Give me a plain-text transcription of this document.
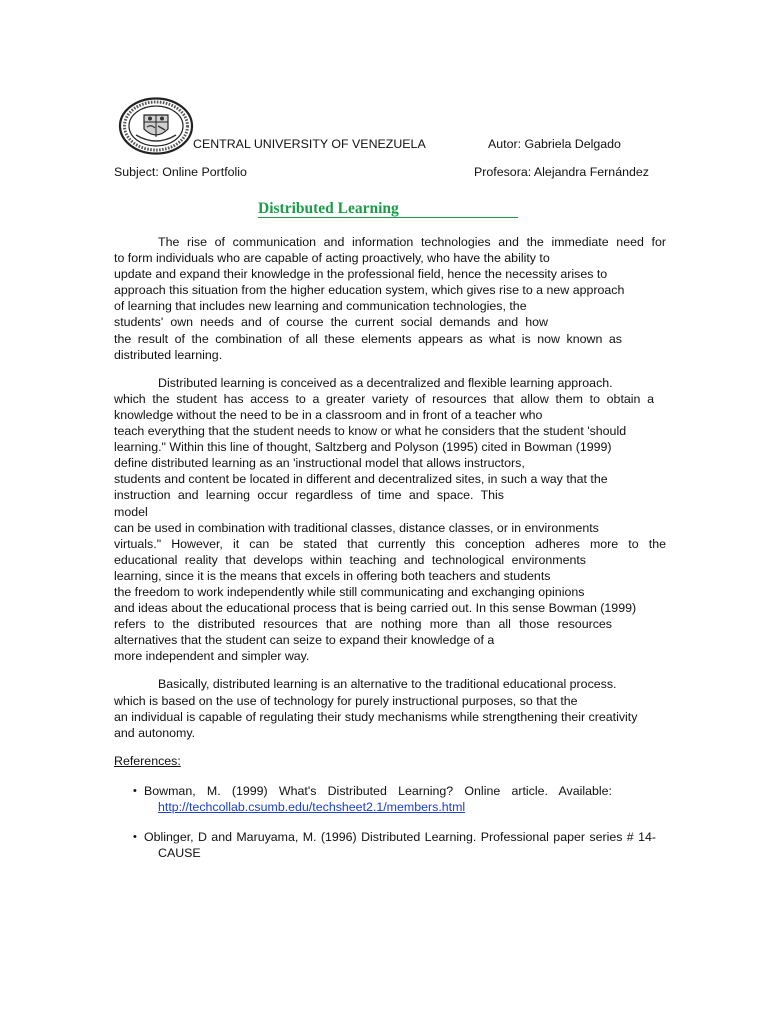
CENTRAL UNIVERSITY OF VENEZUELA	Autor: Gabriela Delgado
Subject: Online Portfolio	Profesora: Alejandra Fernández
Distributed Learning
The rise of communication and information technologies and the immediate need for
to form individuals who are capable of acting proactively, who have the ability to
update and expand their knowledge in the professional field, hence the necessity arises to
approach this situation from the higher education system, which gives rise to a new approach
of learning that includes new learning and communication technologies, the
students' own needs and of course the current social demands and how
the result of the combination of all these elements appears as what is now known as
distributed learning.
Distributed learning is conceived as a decentralized and flexible learning approach.
which the student has access to a greater variety of resources that allow them to obtain a
knowledge without the need to be in a classroom and in front of a teacher who
teach everything that the student needs to know or what he considers that the student 'should
learning." Within this line of thought, Saltzberg and Polyson (1995) cited in Bowman (1999)
define distributed learning as an 'instructional model that allows instructors,
students and content be located in different and decentralized sites, in such a way that the
instruction and learning occur regardless of time and space. This model
can be used in combination with traditional classes, distance classes, or in environments
virtuals." However, it can be stated that currently this conception adheres more to the
educational reality that develops within teaching and technological environments
learning, since it is the means that excels in offering both teachers and students
the freedom to work independently while still communicating and exchanging opinions
and ideas about the educational process that is being carried out. In this sense Bowman (1999)
refers to the distributed resources that are nothing more than all those resources
alternatives that the student can seize to expand their knowledge of a
more independent and simpler way.
Basically, distributed learning is an alternative to the traditional educational process.
which is based on the use of technology for purely instructional purposes, so that the
an individual is capable of regulating their study mechanisms while strengthening their creativity
and autonomy.
References:
• Bowman, M. (1999) What's Distributed Learning? Online article. Available:
http://techcollab.csumb.edu/techsheet2.1/members.html
• Oblinger, D and Maruyama, M. (1996) Distributed Learning. Professional paper series # 14-
CAUSE
